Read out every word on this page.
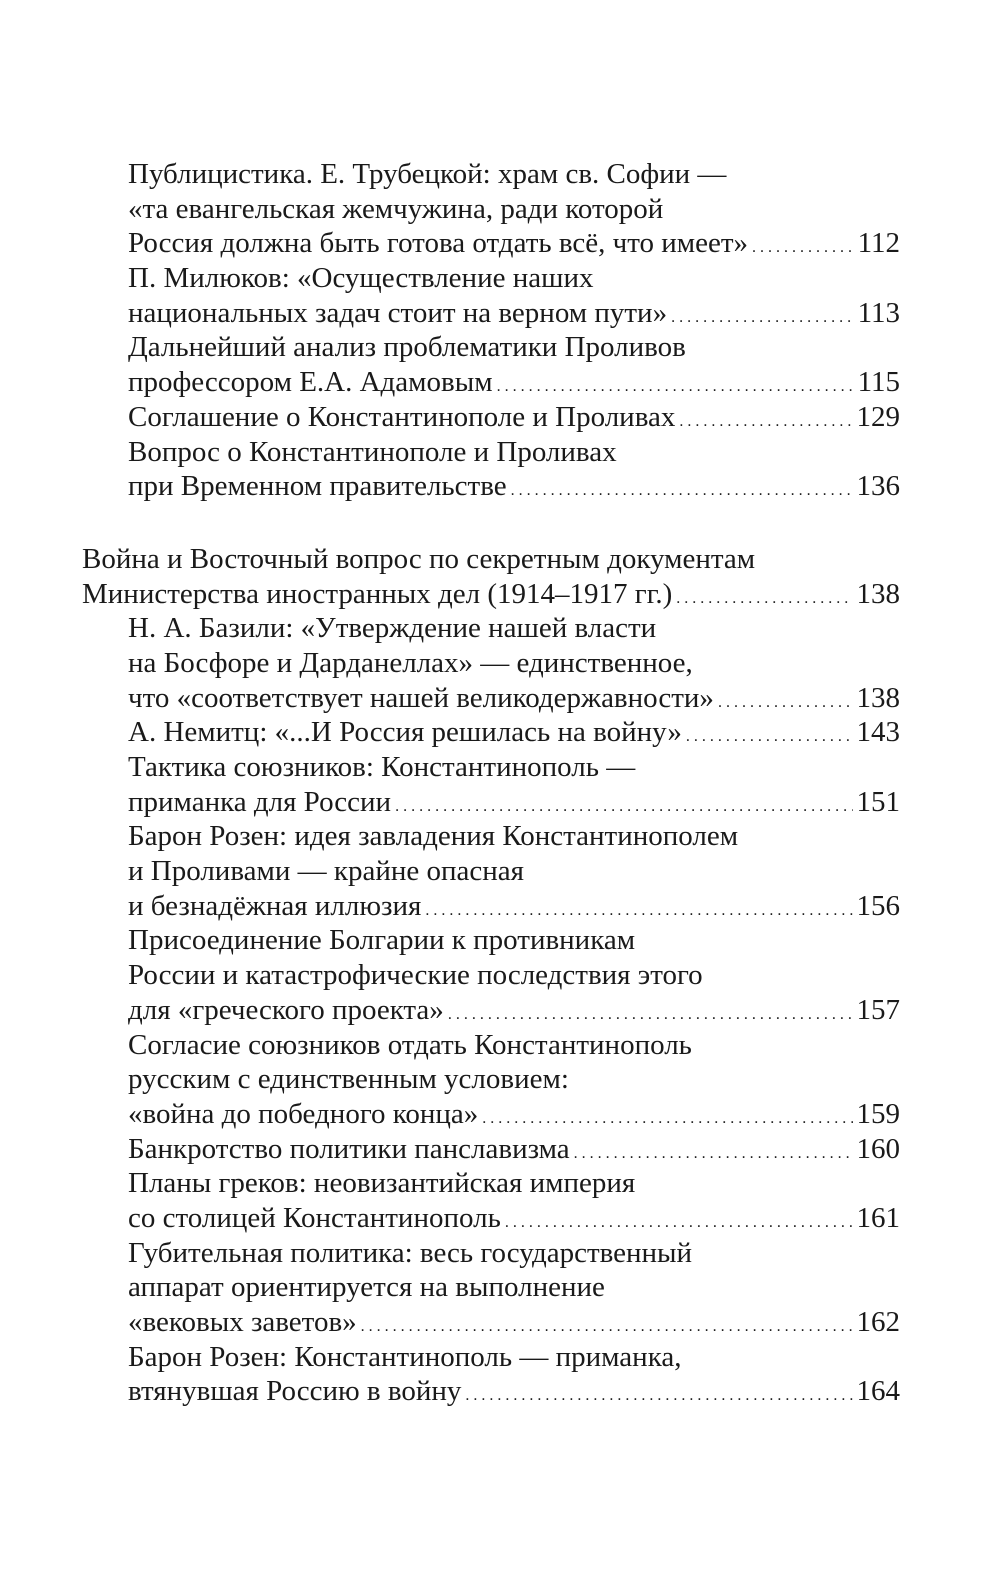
Публицистика. Е. Трубецкой: храм св. Софии —
«та евангельская жемчужина, ради которой
Россия должна быть готова отдать всё, что имеет» . . .	112
П. Милюков: «Осуществление наших
национальных задач стоит на верном пути» . . .	113
Дальнейший анализ проблематики Проливов
профессором Е.А. Адамовым . . .	115
Соглашение о Константинополе и Проливах . . .	129
Вопрос о Константинополе и Проливах
при Временном правительстве . . .	136
Война и Восточный вопрос по секретным документам
Министерства иностранных дел (1914–1917 гг.) . . .	138
Н. А. Базили: «Утверждение нашей власти
на Босфоре и Дарданеллах» — единственное,
что «соответствует нашей великодержавности» . . .	138
А. Немитц: «...И Россия решилась на войну» . . .	143
Тактика союзников: Константинополь —
приманка для России . . .	151
Барон Розен: идея завладения Константинополем
и Проливами — крайне опасная
и безнадёжная иллюзия . . .	156
Присоединение Болгарии к противникам
России и катастрофические последствия этого
для «греческого проекта» . . .	157
Согласие союзников отдать Константинополь
русским с единственным условием:
«война до победного конца» . . .	159
Банкротство политики панславизма . . .	160
Планы греков: неовизантийская империя
со столицей Константинополь . . .	161
Губительная политика: весь государственный
аппарат ориентируется на выполнение
«вековых заветов» . . .	162
Барон Розен: Константинополь — приманка,
втянувшая Россию в войну . . .	164
